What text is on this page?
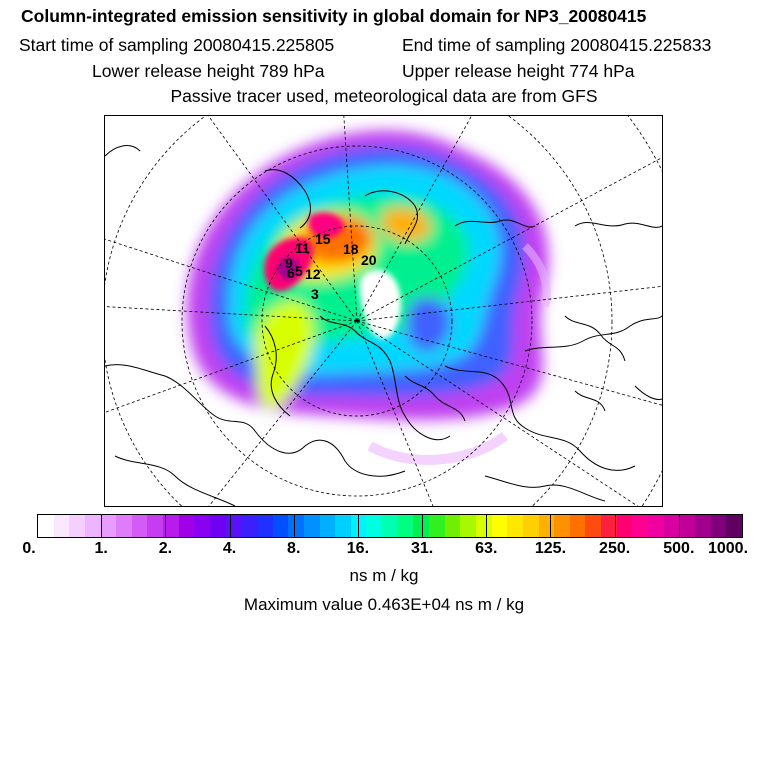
Column-integrated emission sensitivity in global domain for NP3_20080415
Start time of sampling 20080415.225805	End time of sampling 20080415.225833
Lower release height 789 hPa	Upper release height 774 hPa
Passive tracer used, meteorological data are from GFS
15
18
20
11
9
6 5 12
3
0.	1.	2.	4.	8.	16.	31.	63. 125. 250. 500. 1000.
ns m / kg
Maximum value 0.463E+04 ns m / kg
